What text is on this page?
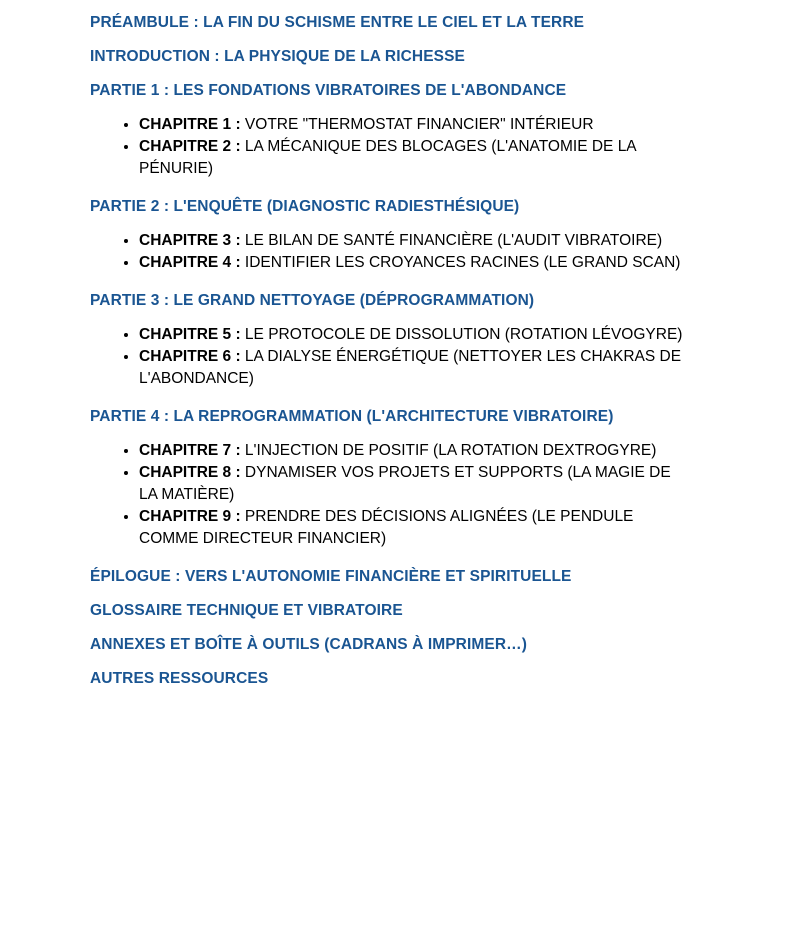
PRÉAMBULE : LA FIN DU SCHISME ENTRE LE CIEL ET LA TERRE
INTRODUCTION : LA PHYSIQUE DE LA RICHESSE
PARTIE 1 : LES FONDATIONS VIBRATOIRES DE L'ABONDANCE
• CHAPITRE 1 : VOTRE "THERMOSTAT FINANCIER" INTÉRIEUR
• CHAPITRE 2 : LA MÉCANIQUE DES BLOCAGES (L'ANATOMIE DE LA PÉNURIE)
PARTIE 2 : L'ENQUÊTE (DIAGNOSTIC RADIESTHÉSIQUE)
• CHAPITRE 3 : LE BILAN DE SANTÉ FINANCIÈRE (L'AUDIT VIBRATOIRE)
• CHAPITRE 4 : IDENTIFIER LES CROYANCES RACINES (LE GRAND SCAN)
PARTIE 3 : LE GRAND NETTOYAGE (DÉPROGRAMMATION)
• CHAPITRE 5 : LE PROTOCOLE DE DISSOLUTION (ROTATION LÉVOGYRE)
• CHAPITRE 6 : LA DIALYSE ÉNERGÉTIQUE (NETTOYER LES CHAKRAS DE L'ABONDANCE)
PARTIE 4 : LA REPROGRAMMATION (L'ARCHITECTURE VIBRATOIRE)
• CHAPITRE 7 : L'INJECTION DE POSITIF (LA ROTATION DEXTROGYRE)
• CHAPITRE 8 : DYNAMISER VOS PROJETS ET SUPPORTS (LA MAGIE DE LA MATIÈRE)
• CHAPITRE 9 : PRENDRE DES DÉCISIONS ALIGNÉES (LE PENDULE COMME DIRECTEUR FINANCIER)
ÉPILOGUE : VERS L'AUTONOMIE FINANCIÈRE ET SPIRITUELLE
GLOSSAIRE TECHNIQUE ET VIBRATOIRE
ANNEXES ET BOÎTE À OUTILS (CADRANS À IMPRIMER…)
AUTRES RESSOURCES
